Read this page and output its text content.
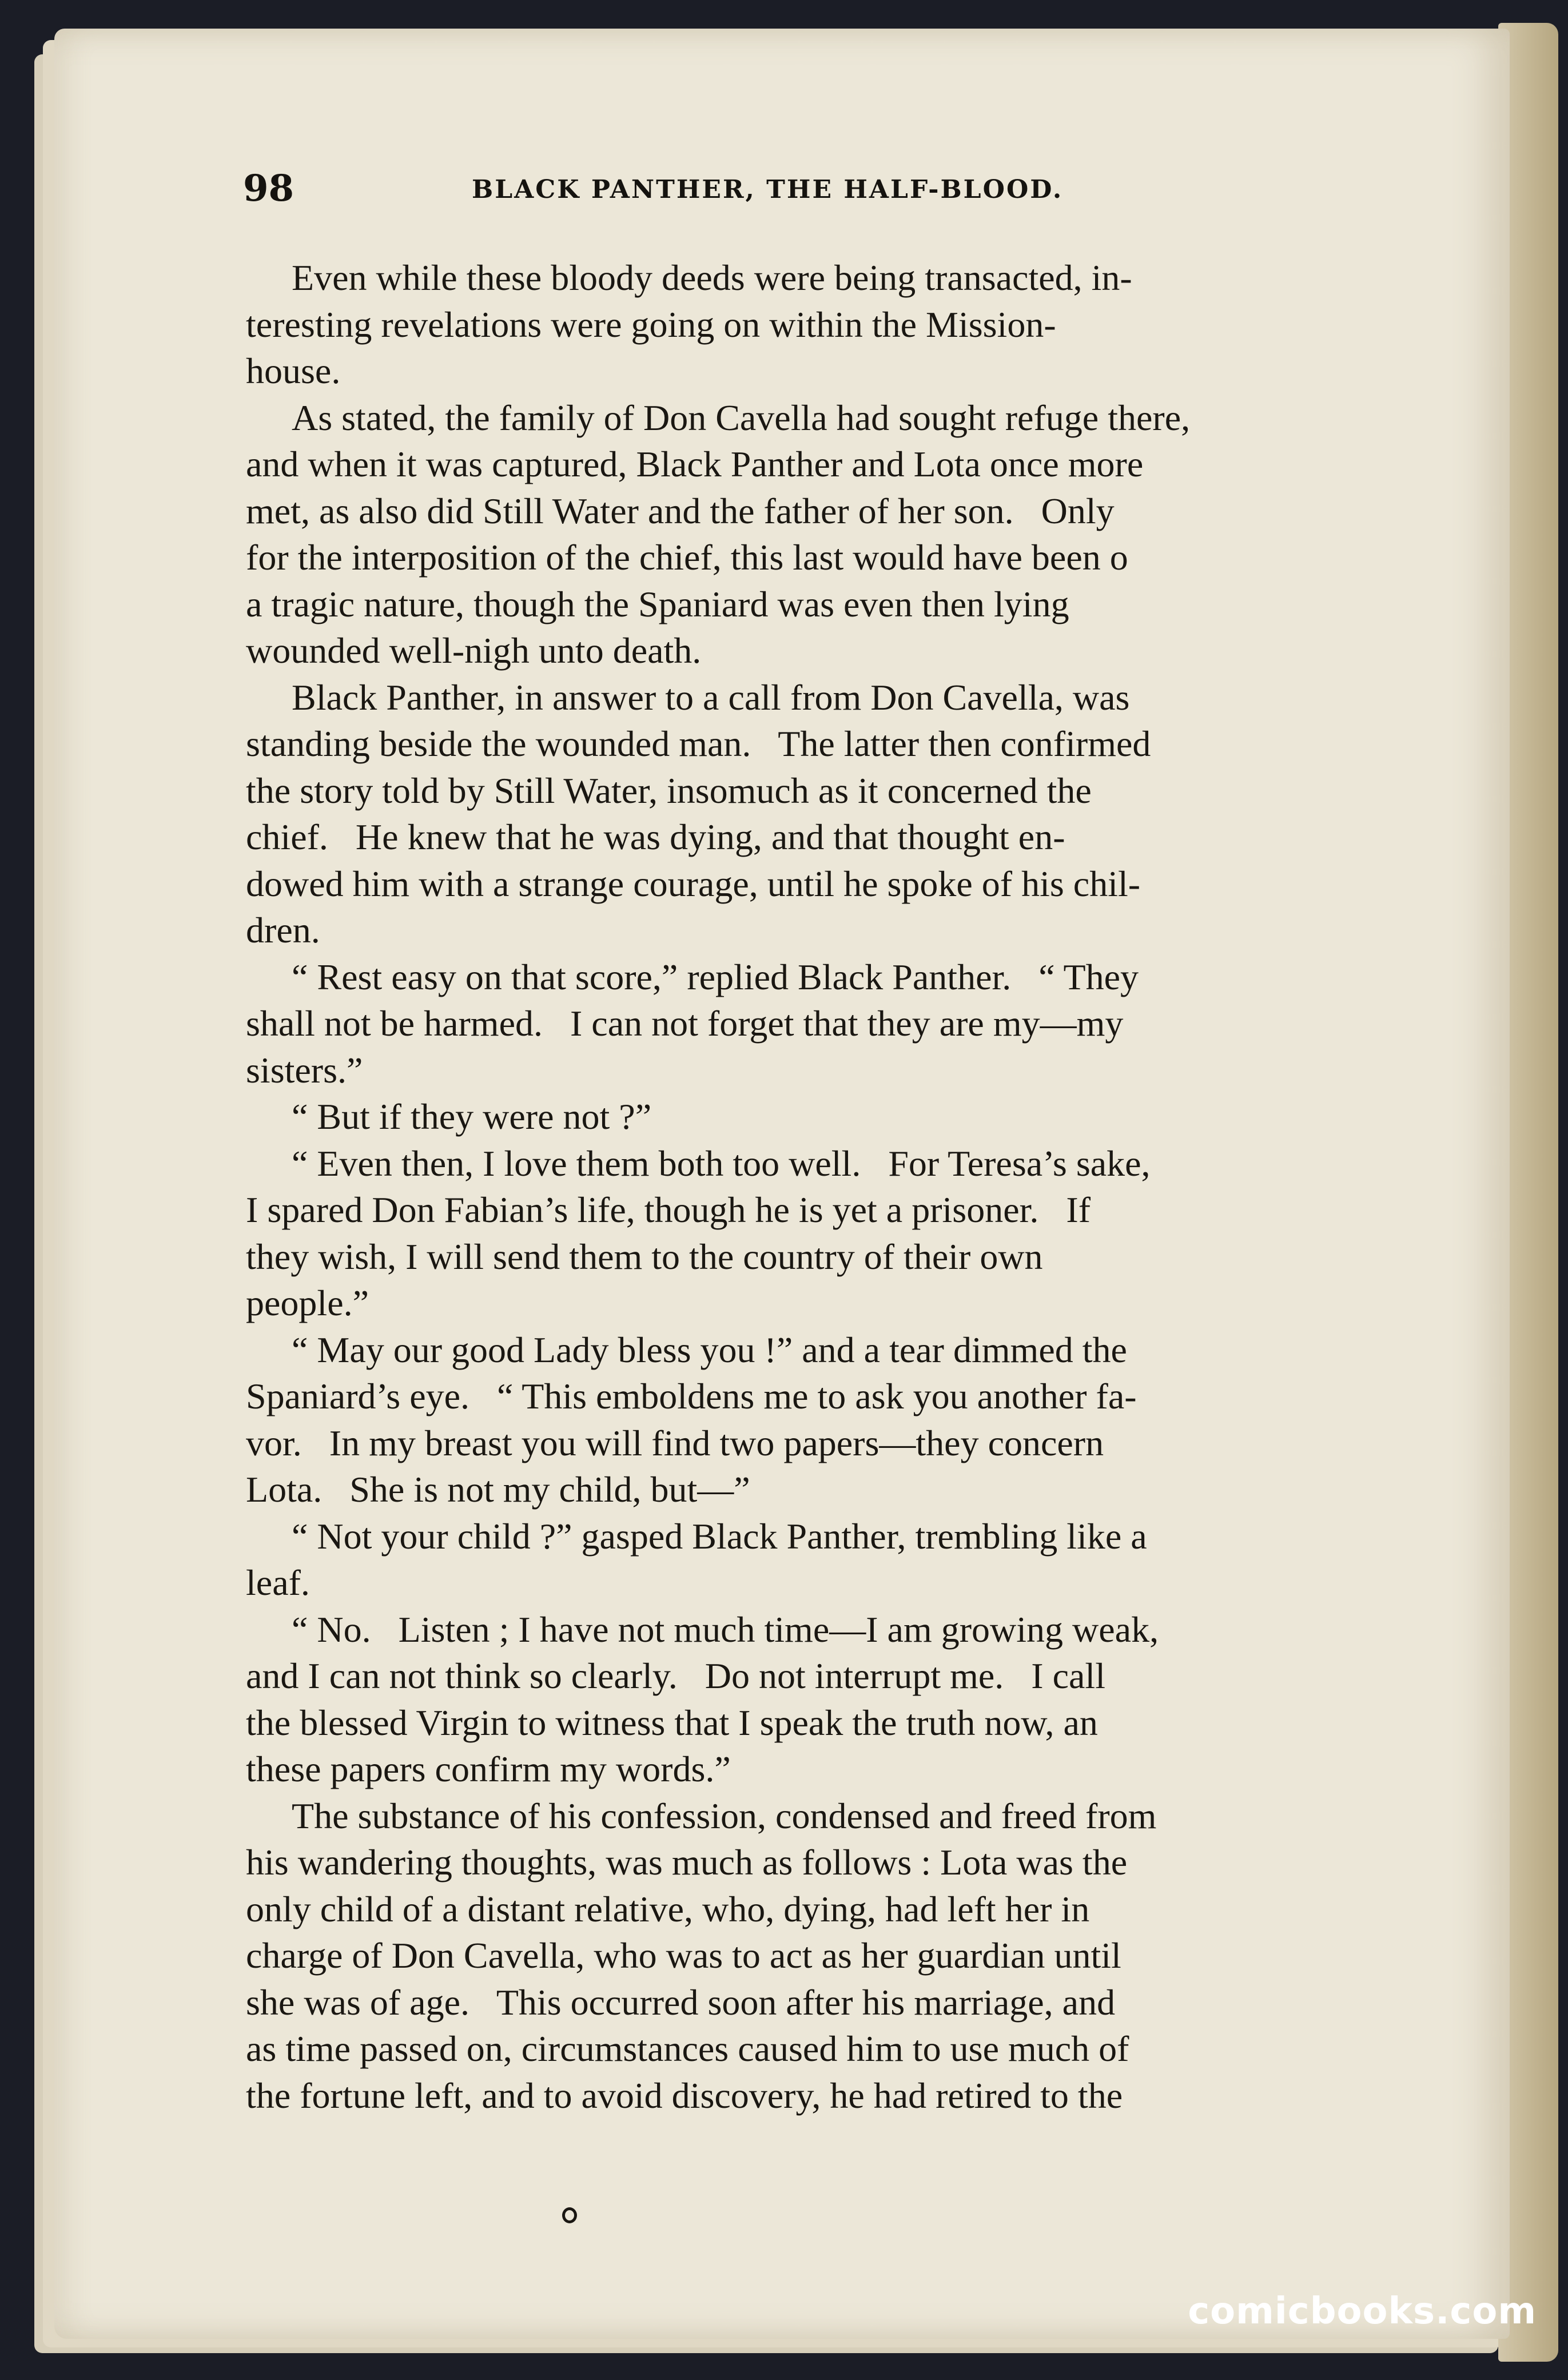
98	BLACK PANTHER, THE HALF-BLOOD.
Even while these bloody deeds were being transacted, in-
teresting revelations were going on within the Mission-
house.
As stated, the family of Don Cavella had sought refuge there,
and when it was captured, Black Panther and Lota once more
met, as also did Still Water and the father of her son.   Only
for the interposition of the chief, this last would have been o
a tragic nature, though the Spaniard was even then lying
wounded well-nigh unto death.
Black Panther, in answer to a call from Don Cavella, was
standing beside the wounded man.   The latter then confirmed
the story told by Still Water, insomuch as it concerned the
chief.   He knew that he was dying, and that thought en-
dowed him with a strange courage, until he spoke of his chil-
dren.
“ Rest easy on that score,” replied Black Panther.   “ They
shall not be harmed.   I can not forget that they are my—my
sisters.”
“ But if they were not ?”
“ Even then, I love them both too well.   For Teresa’s sake,
I spared Don Fabian’s life, though he is yet a prisoner.   If
they wish, I will send them to the country of their own
people.”
“ May our good Lady bless you !” and a tear dimmed the
Spaniard’s eye.   “ This emboldens me to ask you another fa-
vor.   In my breast you will find two papers—they concern
Lota.   She is not my child, but—”
“ Not your child ?” gasped Black Panther, trembling like a
leaf.
“ No.   Listen ; I have not much time—I am growing weak,
and I can not think so clearly.   Do not interrupt me.   I call
the blessed Virgin to witness that I speak the truth now, an
these papers confirm my words.”
The substance of his confession, condensed and freed from
his wandering thoughts, was much as follows : Lota was the
only child of a distant relative, who, dying, had left her in
charge of Don Cavella, who was to act as her guardian until
she was of age.   This occurred soon after his marriage, and
as time passed on, circumstances caused him to use much of
the fortune left, and to avoid discovery, he had retired to the
comicbooks.com
